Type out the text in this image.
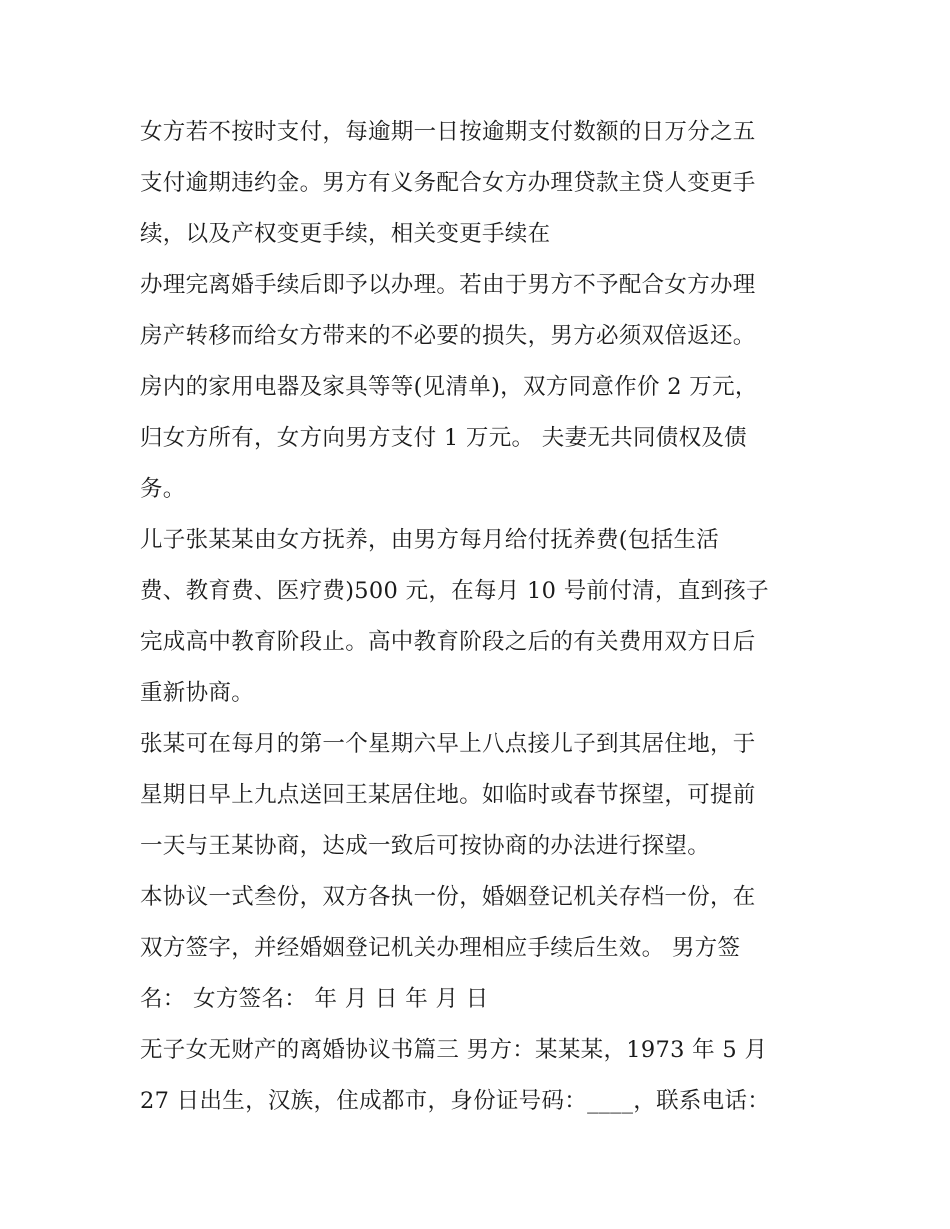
女方若不按时支付，每逾期一日按逾期支付数额的日万分之五
支付逾期违约金。男方有义务配合女方办理贷款主贷人变更手
续，以及产权变更手续，相关变更手续在
办理完离婚手续后即予以办理。若由于男方不予配合女方办理
房产转移而给女方带来的不必要的损失，男方必须双倍返还。
房内的家用电器及家具等等(见清单)，双方同意作价 2 万元，
归女方所有，女方向男方支付 1 万元。 夫妻无共同债权及债
务。
儿子张某某由女方抚养，由男方每月给付抚养费(包括生活
费、教育费、医疗费)500 元，在每月 10 号前付清，直到孩子
完成高中教育阶段止。高中教育阶段之后的有关费用双方日后
重新协商。
张某可在每月的第一个星期六早上八点接儿子到其居住地，于
星期日早上九点送回王某居住地。如临时或春节探望，可提前
一天与王某协商，达成一致后可按协商的办法进行探望。
本协议一式叁份，双方各执一份，婚姻登记机关存档一份，在
双方签字，并经婚姻登记机关办理相应手续后生效。 男方签
名： 女方签名： 年 月 日 年 月 日
无子女无财产的离婚协议书篇三 男方：某某某，1973 年 5 月
27 日出生，汉族，住成都市，身份证号码：____，联系电话：
